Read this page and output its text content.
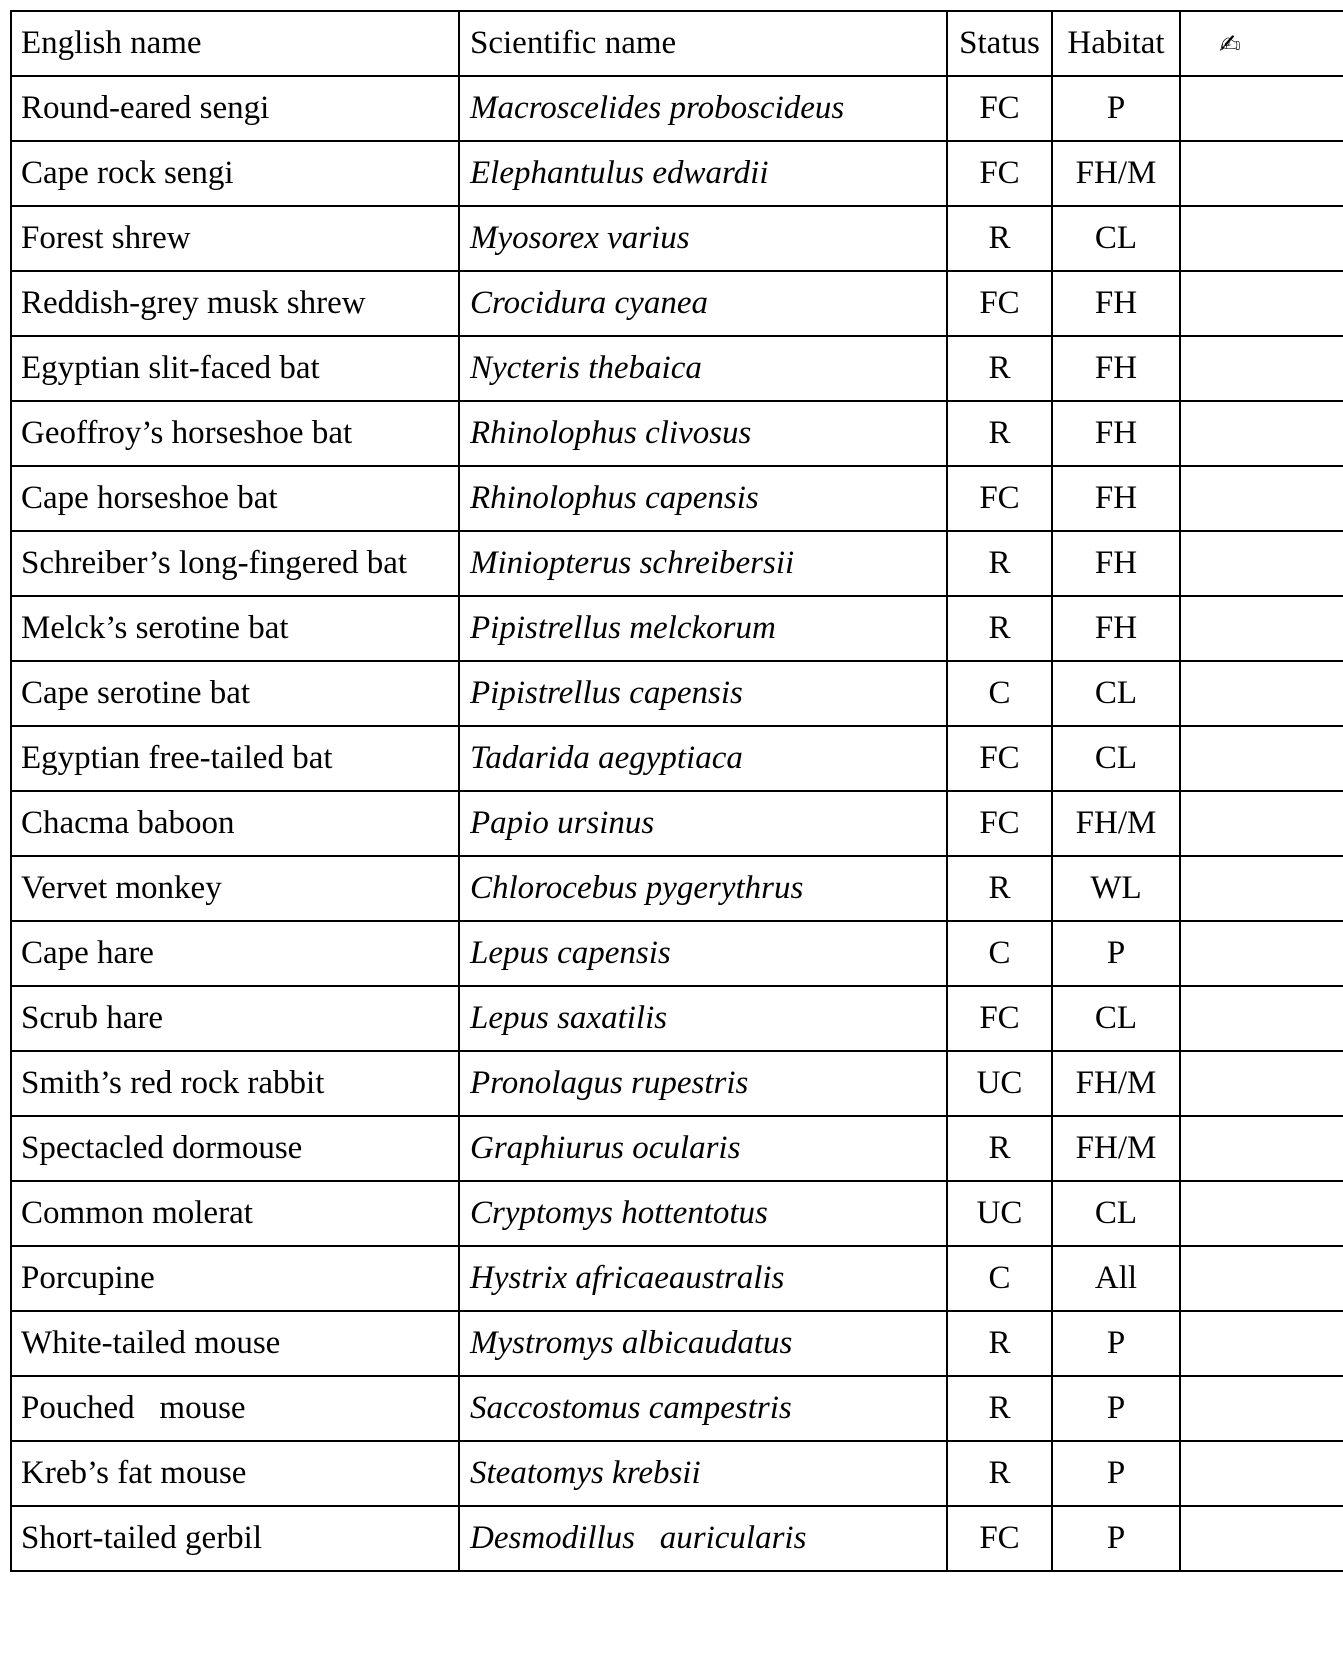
English name	Scientific name	Status	Habitat	✍
Round-eared sengi	Macroscelides proboscideus	FC	P	
Cape rock sengi	Elephantulus edwardii	FC	FH/M	
Forest shrew	Myosorex varius	R	CL	
Reddish-grey musk shrew	Crocidura cyanea	FC	FH	
Egyptian slit-faced bat	Nycteris thebaica	R	FH	
Geoffroy’s horseshoe bat	Rhinolophus clivosus	R	FH	
Cape horseshoe bat	Rhinolophus capensis	FC	FH	
Schreiber’s long-fingered bat	Miniopterus schreibersii	R	FH	
Melck’s serotine bat	Pipistrellus melckorum	R	FH	
Cape serotine bat	Pipistrellus capensis	C	CL	
Egyptian free-tailed bat	Tadarida aegyptiaca	FC	CL	
Chacma baboon	Papio ursinus	FC	FH/M	
Vervet monkey	Chlorocebus pygerythrus	R	WL	
Cape hare	Lepus capensis	C	P	
Scrub hare	Lepus saxatilis	FC	CL	
Smith’s red rock rabbit	Pronolagus rupestris	UC	FH/M	
Spectacled dormouse	Graphiurus ocularis	R	FH/M	
Common molerat	Cryptomys hottentotus	UC	CL	
Porcupine	Hystrix africaeaustralis	C	All	
White-tailed mouse	Mystromys albicaudatus	R	P	
Pouched   mouse	Saccostomus campestris	R	P	
Kreb’s fat mouse	Steatomys krebsii	R	P	
Short-tailed gerbil	Desmodillus   auricularis	FC	P	
